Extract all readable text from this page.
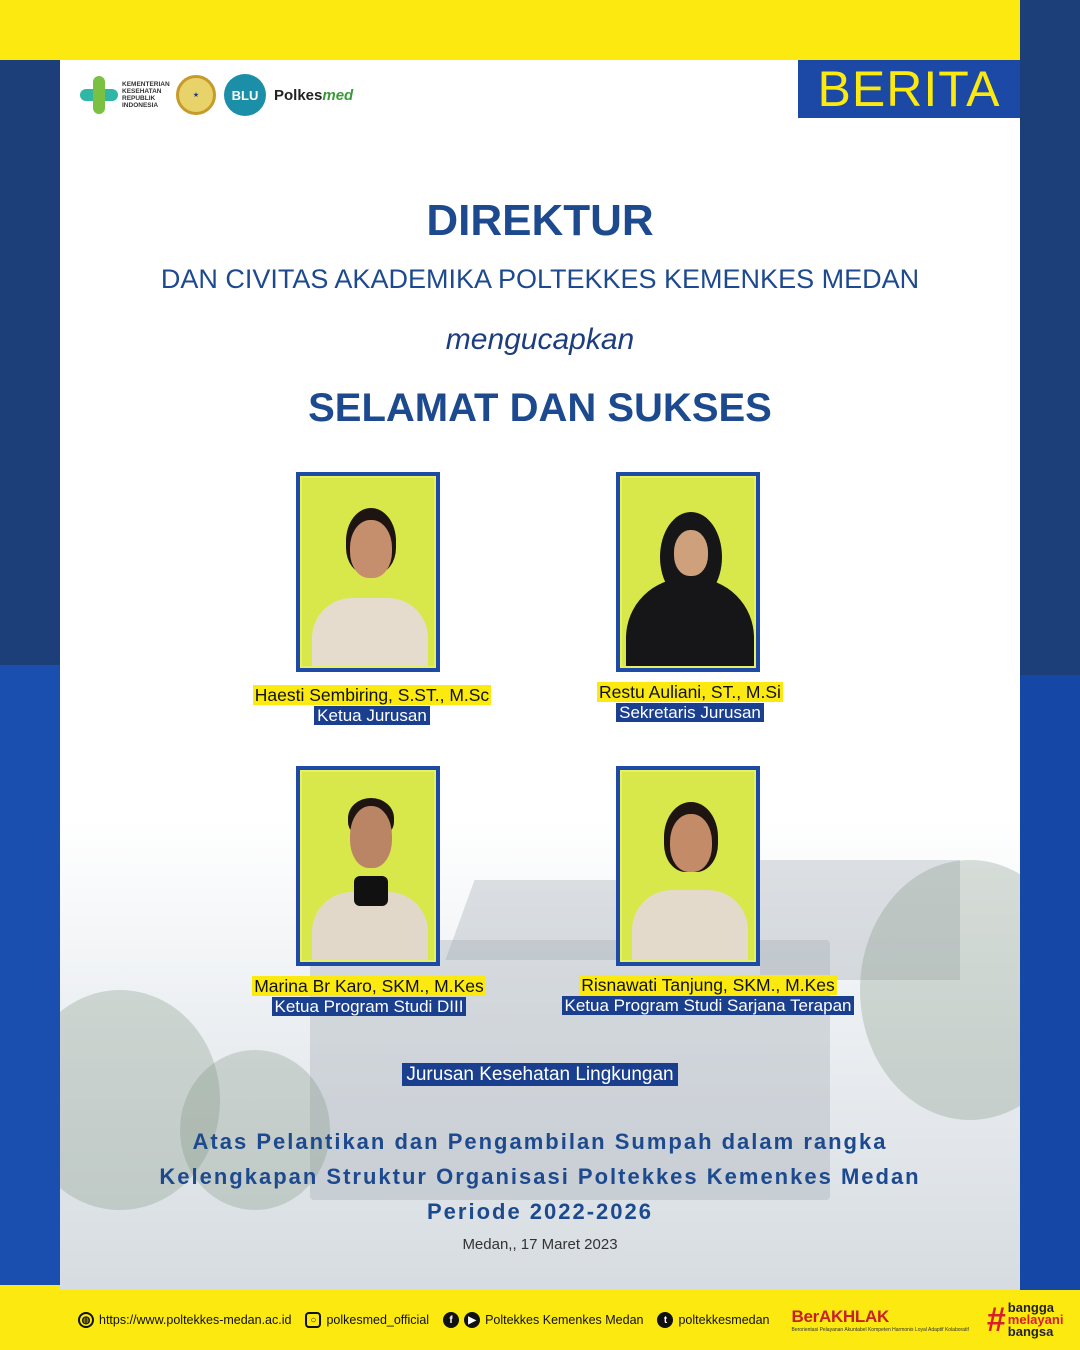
BERITA
KEMENTERIAN KESEHATAN REPUBLIK INDONESIA
★	BLU	Polkesmed
DIREKTUR
DAN CIVITAS AKADEMIKA POLTEKKES KEMENKES MEDAN
mengucapkan
SELAMAT DAN SUKSES
Haesti Sembiring, S.ST., M.Sc
Ketua Jurusan
Restu Auliani, ST., M.Si
Sekretaris Jurusan
Marina Br Karo, SKM., M.Kes
Ketua Program Studi DIII
Risnawati Tanjung, SKM., M.Kes
Ketua Program Studi Sarjana Terapan
Jurusan Kesehatan Lingkungan
Atas Pelantikan dan Pengambilan Sumpah dalam rangka
Kelengkapan Struktur Organisasi Poltekkes Kemenkes Medan
Periode 2022-2026
Medan,, 17 Maret 2023
◍ https://www.poltekkes-medan.ac.id	○ polkesmed_official	f	▶ Poltekkes Kemenkes Medan	t poltekkesmedan BerAKHLAK
Berorientasi Pelayanan Akuntabel Kompeten Harmonis Loyal Adaptif Kolaboratif # bangga
melayani
bangsa
